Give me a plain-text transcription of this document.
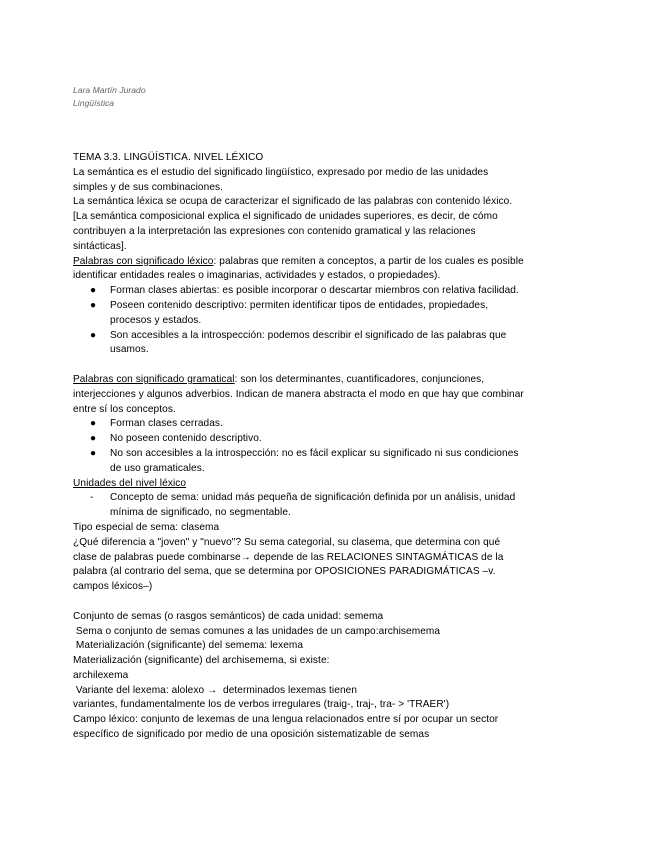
Lara Martín Jurado
Lingüística

TEMA 3.3. LINGÜÍSTICA. NIVEL LÉXICO

La semántica es el estudio del significado lingüístico, expresado por medio de las unidades simples y de sus combinaciones.

La semántica léxica se ocupa de caracterizar el significado de las palabras con contenido léxico.

[La semántica composicional explica el significado de unidades superiores, es decir, de cómo contribuyen a la interpretación las expresiones con contenido gramatical y las relaciones sintácticas].

Palabras con significado léxico: palabras que remiten a conceptos, a partir de los cuales es posible identificar entidades reales o imaginarias, actividades y estados, o propiedades).

● Forman clases abiertas: es posible incorporar o descartar miembros con relativa facilidad.
● Poseen contenido descriptivo: permiten identificar tipos de entidades, propiedades, procesos y estados.
● Son accesibles a la introspección: podemos describir el significado de las palabras que usamos.

Palabras con significado gramatical: son los determinantes, cuantificadores, conjunciones, interjecciones y algunos adverbios. Indican de manera abstracta el modo en que hay que combinar entre sí los conceptos.

● Forman clases cerradas.
● No poseen contenido descriptivo.
● No son accesibles a la introspección: no es fácil explicar su significado ni sus condiciones de uso gramaticales.

Unidades del nivel léxico

- Concepto de sema: unidad más pequeña de significación definida por un análisis, unidad mínima de significado, no segmentable.

Tipo especial de sema: clasema

¿Qué diferencia a "joven" y "nuevo"? Su sema categorial, su clasema, que determina con qué clase de palabras puede combinarse→ depende de las RELACIONES SINTAGMÁTICAS de la palabra (al contrario del sema, que se determina por OPOSICIONES PARADIGMÁTICAS –v. campos léxicos–)

Conjunto de semas (o rasgos semánticos) de cada unidad: semema

Sema o conjunto de semas comunes a las unidades de un campo:archisemema

Materialización (significante) del semema: lexema

Materialización (significante) del archisemema, si existe:

archilexema

Variante del lexema: alolexo →  determinados lexemas tienen

variantes, fundamentalmente los de verbos irregulares (traig-, traj-, tra- > 'TRAER')

Campo léxico: conjunto de lexemas de una lengua relacionados entre sí por ocupar un sector específico de significado por medio de una oposición sistematizable de semas
